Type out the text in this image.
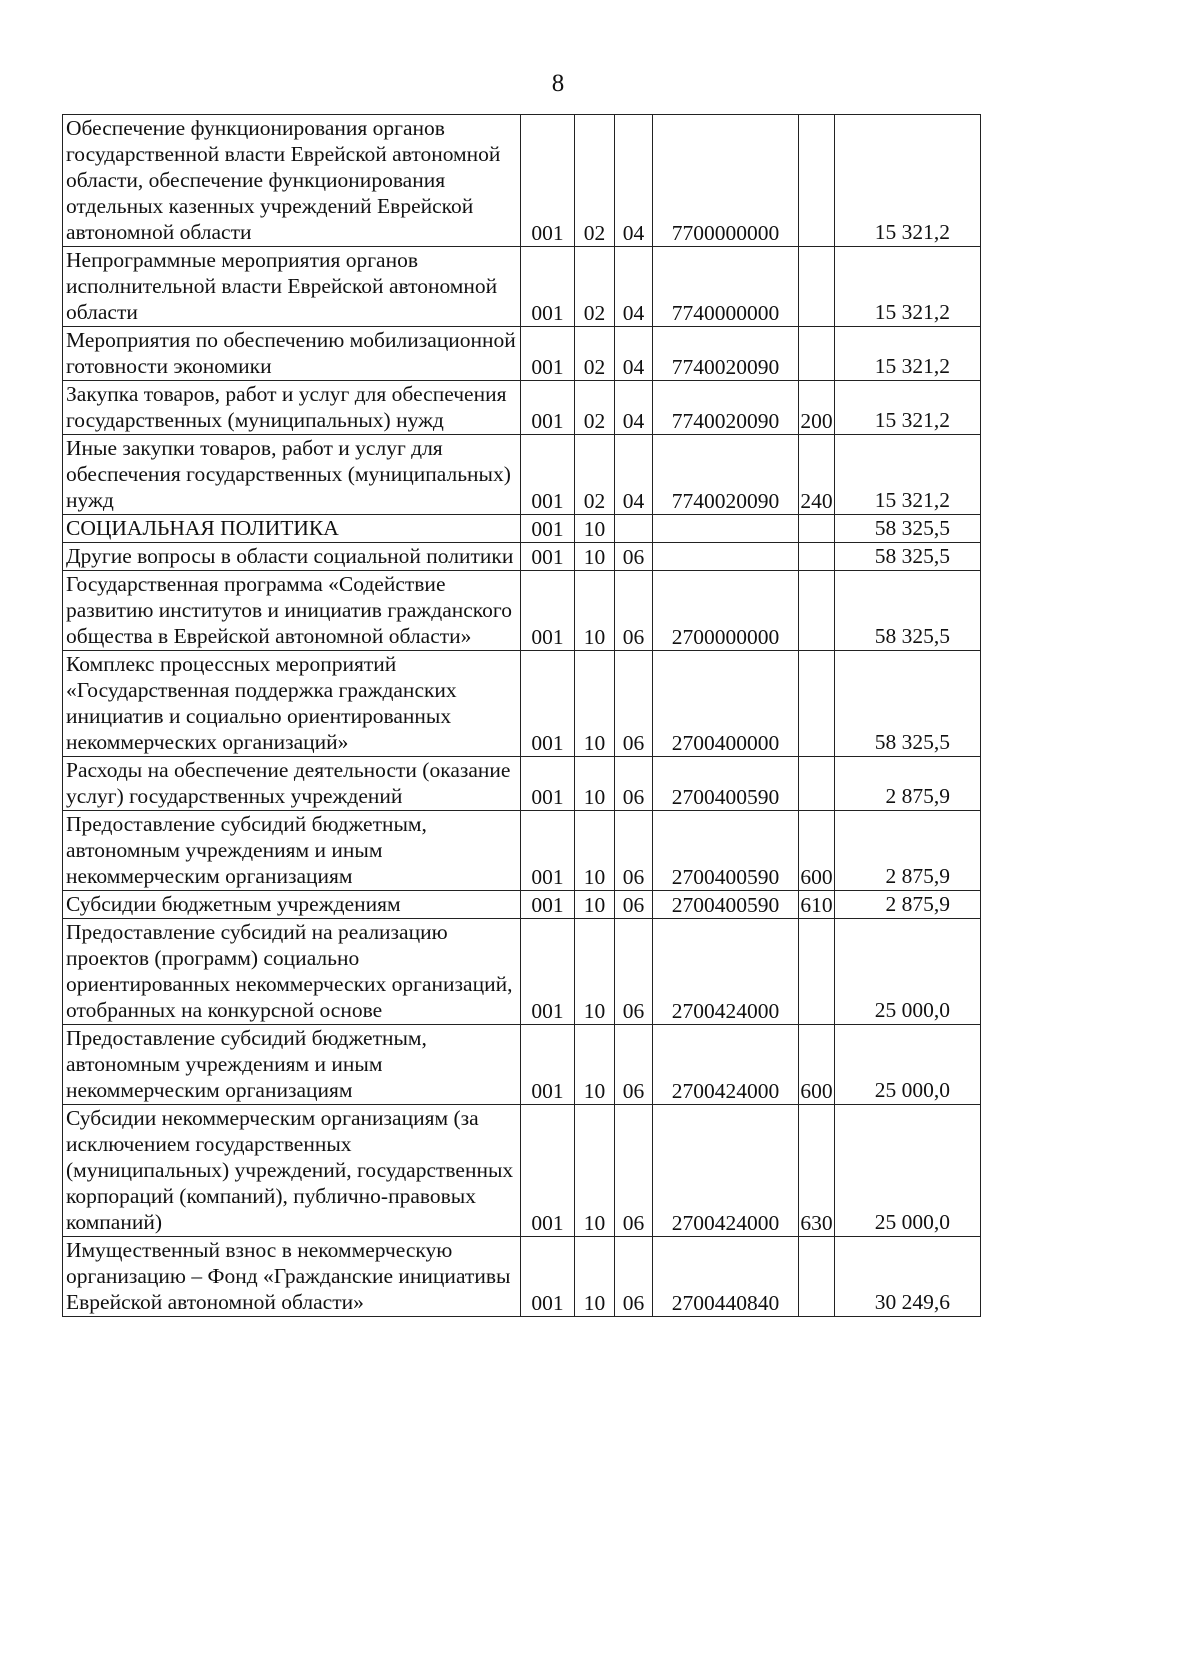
8
Обеспечение функционирования органов государственной власти Еврейской автономной области, обеспечение функционирования отдельных казенных учреждений Еврейской автономной области	001	02	04	7700000000		15 321,2
Непрограммные мероприятия органов исполнительной власти Еврейской автономной области	001	02	04	7740000000		15 321,2
Мероприятия по обеспечению мобилизационной готовности экономики	001	02	04	7740020090		15 321,2
Закупка товаров, работ и услуг для обеспечения государственных (муниципальных) нужд	001	02	04	7740020090	200	15 321,2
Иные закупки товаров, работ и услуг для обеспечения государственных (муниципальных) нужд	001	02	04	7740020090	240	15 321,2
СОЦИАЛЬНАЯ ПОЛИТИКА	001	10				58 325,5
Другие вопросы в области социальной политики	001	10	06			58 325,5
Государственная программа «Содействие развитию институтов и инициатив гражданского общества в Еврейской автономной области»	001	10	06	2700000000		58 325,5
Комплекс процессных мероприятий «Государственная поддержка гражданских инициатив и социально ориентированных некоммерческих организаций»	001	10	06	2700400000		58 325,5
Расходы на обеспечение деятельности (оказание услуг) государственных учреждений	001	10	06	2700400590		2 875,9
Предоставление субсидий бюджетным, автономным учреждениям и иным некоммерческим организациям	001	10	06	2700400590	600	2 875,9
Субсидии бюджетным учреждениям	001	10	06	2700400590	610	2 875,9
Предоставление субсидий на реализацию проектов (программ) социально ориентированных некоммерческих организаций, отобранных на конкурсной основе	001	10	06	2700424000		25 000,0
Предоставление субсидий бюджетным, автономным учреждениям и иным некоммерческим организациям	001	10	06	2700424000	600	25 000,0
Субсидии некоммерческим организациям (за исключением государственных (муниципальных) учреждений, государственных корпораций (компаний), публично-правовых компаний)	001	10	06	2700424000	630	25 000,0
Имущественный взнос в некоммерческую организацию – Фонд «Гражданские инициативы Еврейской автономной области»	001	10	06	2700440840		30 249,6
